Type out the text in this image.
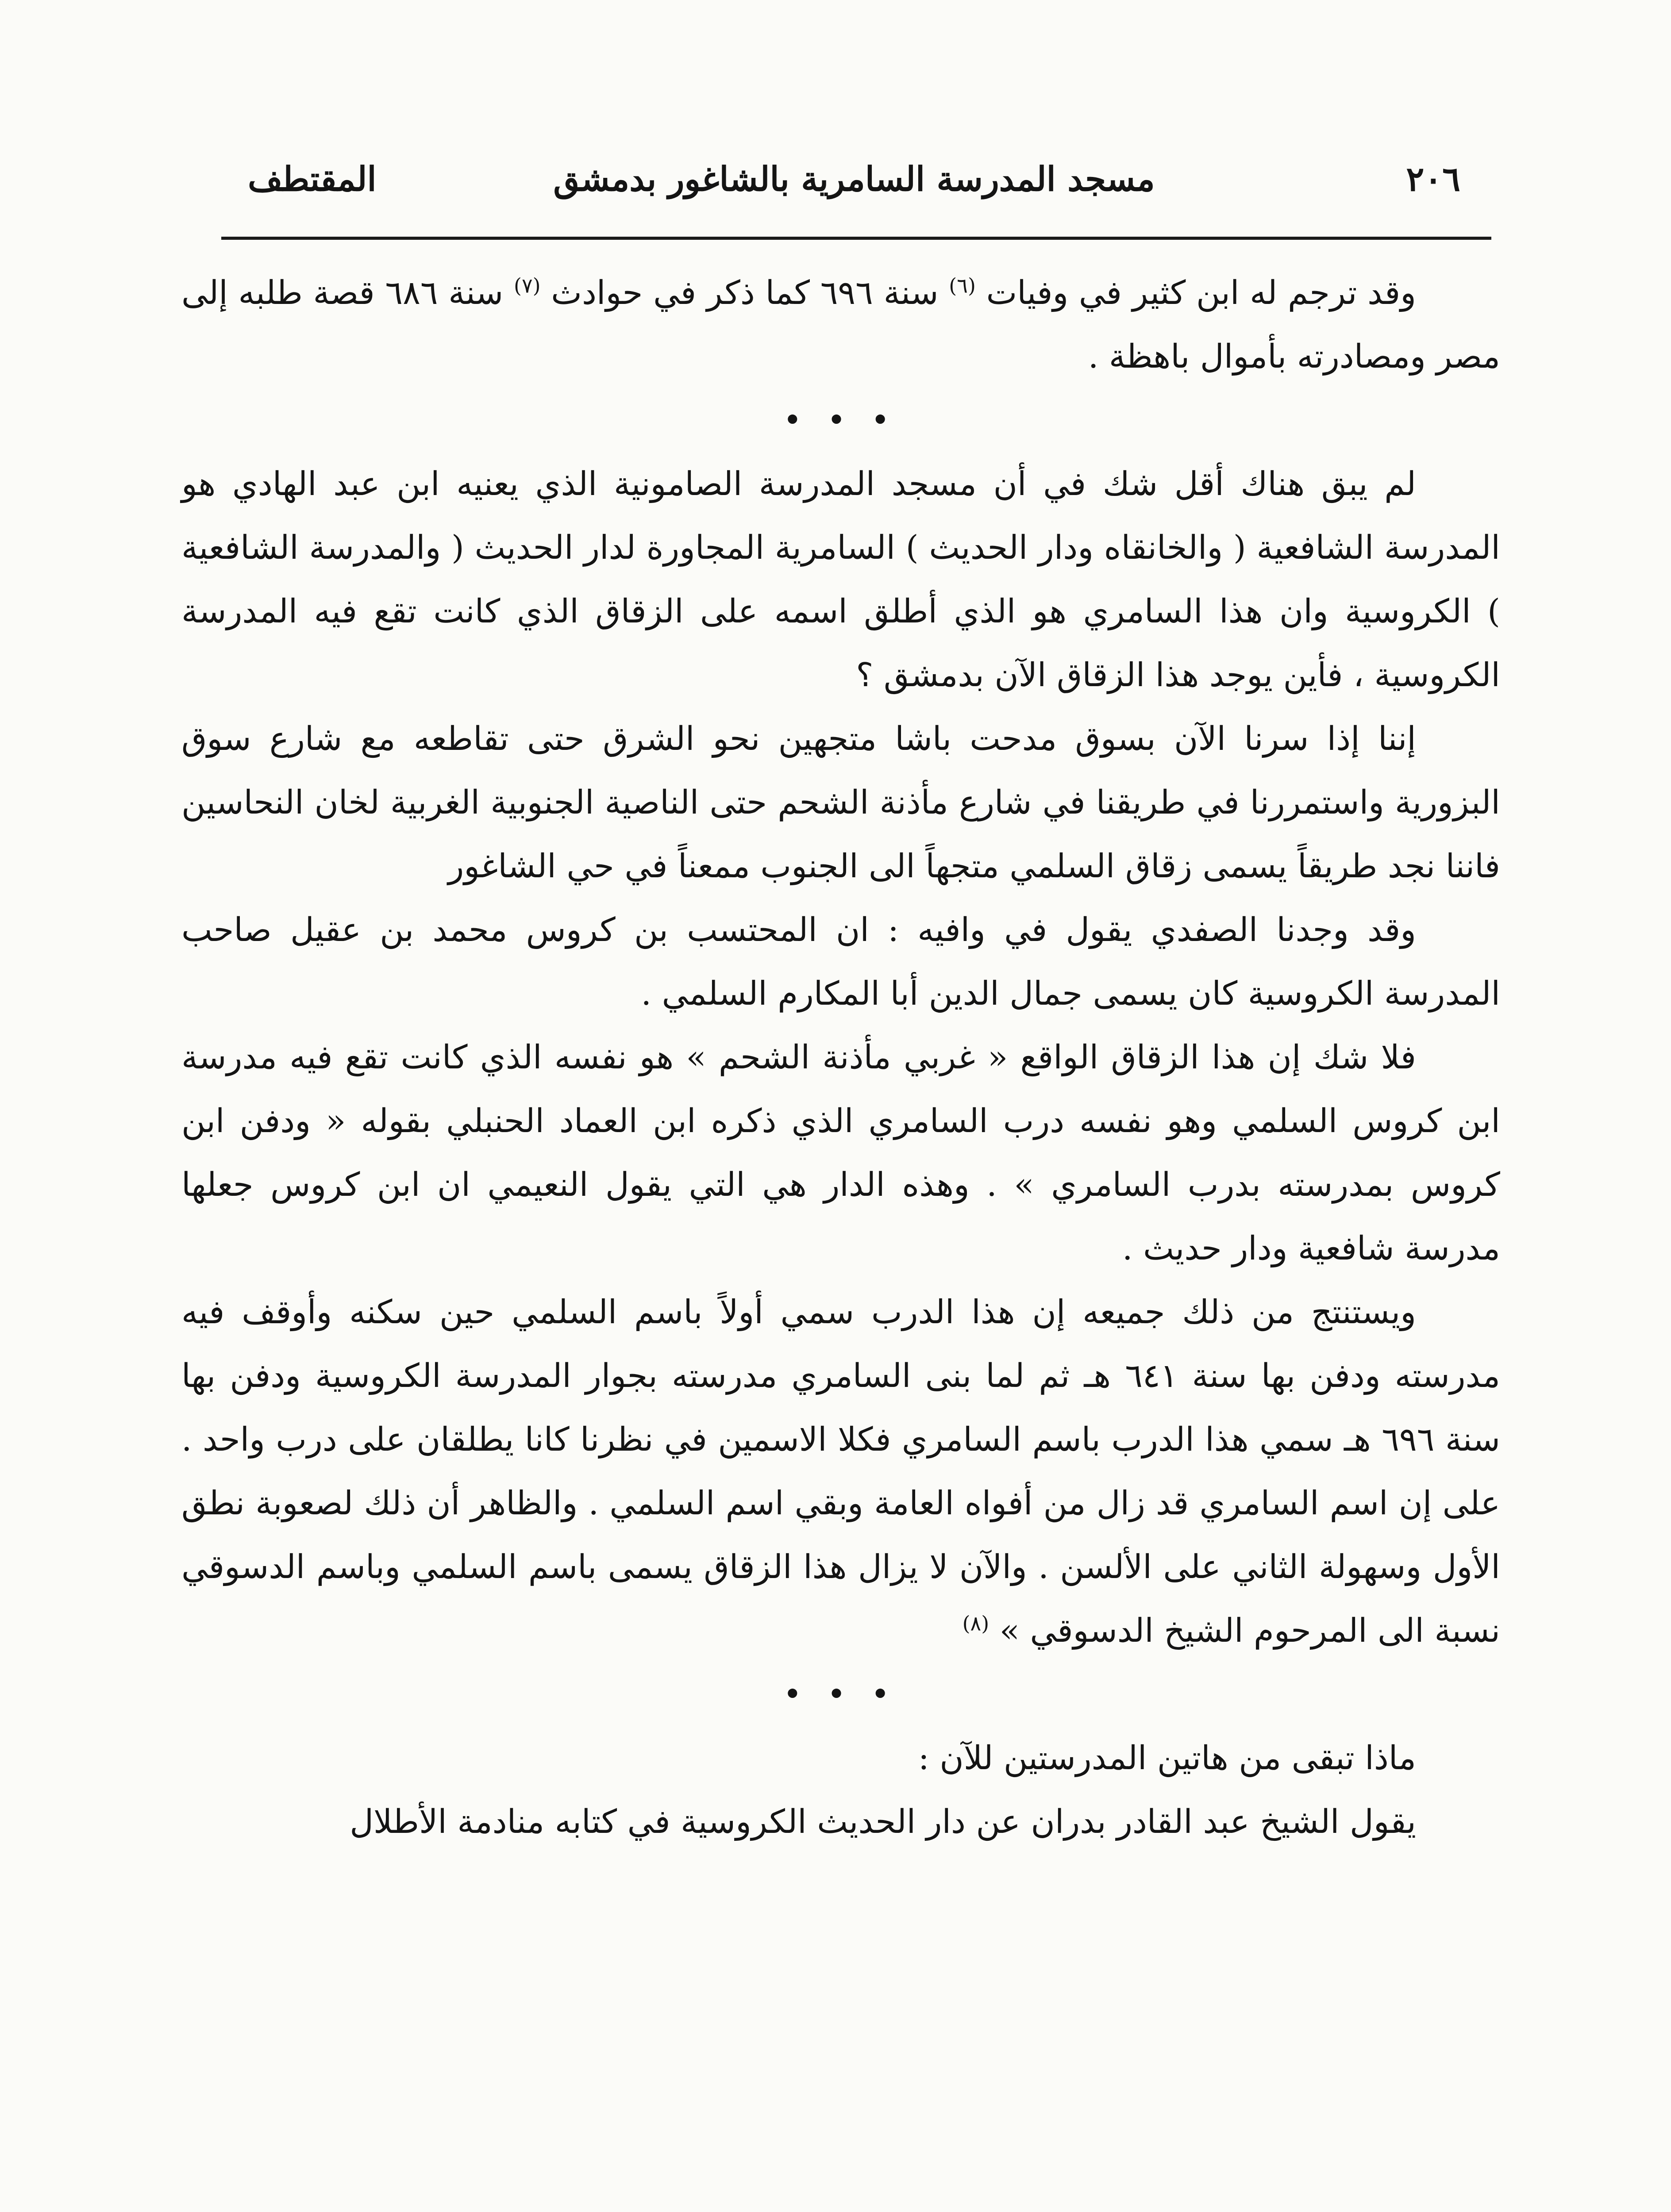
٢٠٦
مسجد المدرسة السامرية بالشاغور بدمشق
المقتطف

وقد ترجم له ابن كثير في وفيات $^{(٦)}$ سنة ٦٩٦ كما ذكر في حوادث $^{(٧)}$ سنة ٦٨٦ قصة طلبه إلى مصر ومصادرته بأموال باهظة .

• • •

لم يبق هناك أقل شك في أن مسجد المدرسة الصامونية الذي يعنيه ابن عبد الهادي هو المدرسة الشافعية ( والخانقاه ودار الحديث ) السامرية المجاورة لدار الحديث ( والمدرسة الشافعية ) الكروسية وان هذا السامري هو الذي أطلق اسمه على الزقاق الذي كانت تقع فيه المدرسة الكروسية ، فأين يوجد هذا الزقاق الآن بدمشق ؟

إننا إذا سرنا الآن بسوق مدحت باشا متجهين نحو الشرق حتى تقاطعه مع شارع سوق البزورية واستمررنا في طريقنا في شارع مأذنة الشحم حتى الناصية الجنوبية الغربية لخان النحاسين فاننا نجد طريقاً يسمى زقاق السلمي متجهاً الى الجنوب ممعناً في حي الشاغور

وقد وجدنا الصفدي يقول في وافيه : ان المحتسب بن كروس محمد بن عقيل صاحب المدرسة الكروسية كان يسمى جمال الدين أبا المكارم السلمي .

فلا شك إن هذا الزقاق الواقع « غربي مأذنة الشحم » هو نفسه الذي كانت تقع فيه مدرسة ابن كروس السلمي وهو نفسه درب السامري الذي ذكره ابن العماد الحنبلي بقوله « ودفن ابن كروس بمدرسته بدرب السامري » . وهذه الدار هي التي يقول النعيمي ان ابن كروس جعلها مدرسة شافعية ودار حديث .

ويستنتج من ذلك جميعه إن هذا الدرب سمي أولاً باسم السلمي حين سكنه وأوقف فيه مدرسته ودفن بها سنة ٦٤١ هـ ثم لما بنى السامري مدرسته بجوار المدرسة الكروسية ودفن بها سنة ٦٩٦ هـ سمي هذا الدرب باسم السامري فكلا الاسمين في نظرنا كانا يطلقان على درب واحد . على إن اسم السامري قد زال من أفواه العامة وبقي اسم السلمي . والظاهر أن ذلك لصعوبة نطق الأول وسهولة الثاني على الألسن . والآن لا يزال هذا الزقاق يسمى باسم السلمي وباسم الدسوقي نسبة الى المرحوم الشيخ الدسوقي » $^{(٨)}$

• • •

ماذا تبقى من هاتين المدرستين للآن :

يقول الشيخ عبد القادر بدران عن دار الحديث الكروسية في كتابه منادمة الأطلال
